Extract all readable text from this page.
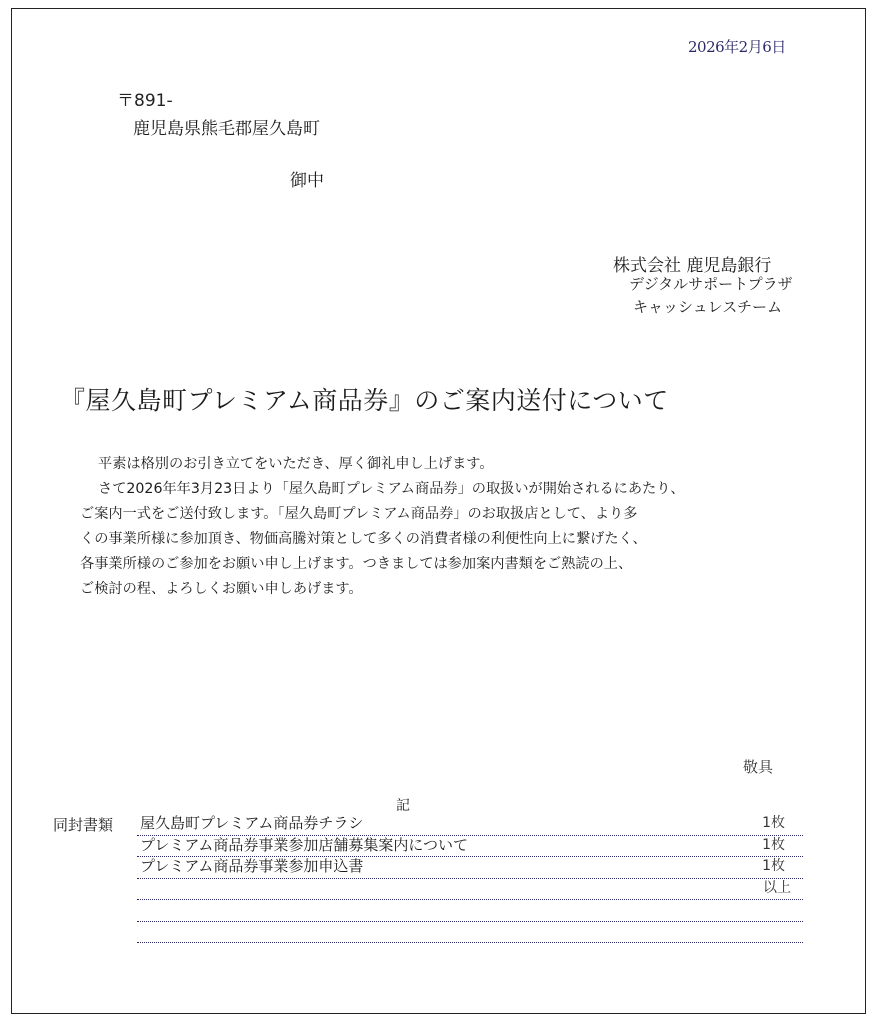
2026年2月6日
〒891-
鹿児島県熊毛郡屋久島町
御中
株式会社 鹿児島銀行
デジタルサポートプラザ
キャッシュレスチーム
『屋久島町プレミアム商品券』のご案内送付について

平素は格別のお引き立てをいただき、厚く御礼申し上げます。

さて2026年年3月23日より「屋久島町プレミアム商品券」の取扱いが開始されるにあたり、

ご案内一式をご送付致します。「屋久島町プレミアム商品券」のお取扱店として、より多

くの事業所様に参加頂き、物価高騰対策として多くの消費者様の利便性向上に繋げたく、

各事業所様のご参加をお願い申し上げます。つきましては参加案内書類をご熟読の上、

ご検討の程、よろしくお願い申しあげます。

敬具
記
同封書類 屋久島町プレミアム商品券チラシ	1枚
プレミアム商品券事業参加店舗募集案内について	1枚
プレミアム商品券事業参加申込書	1枚
以上
